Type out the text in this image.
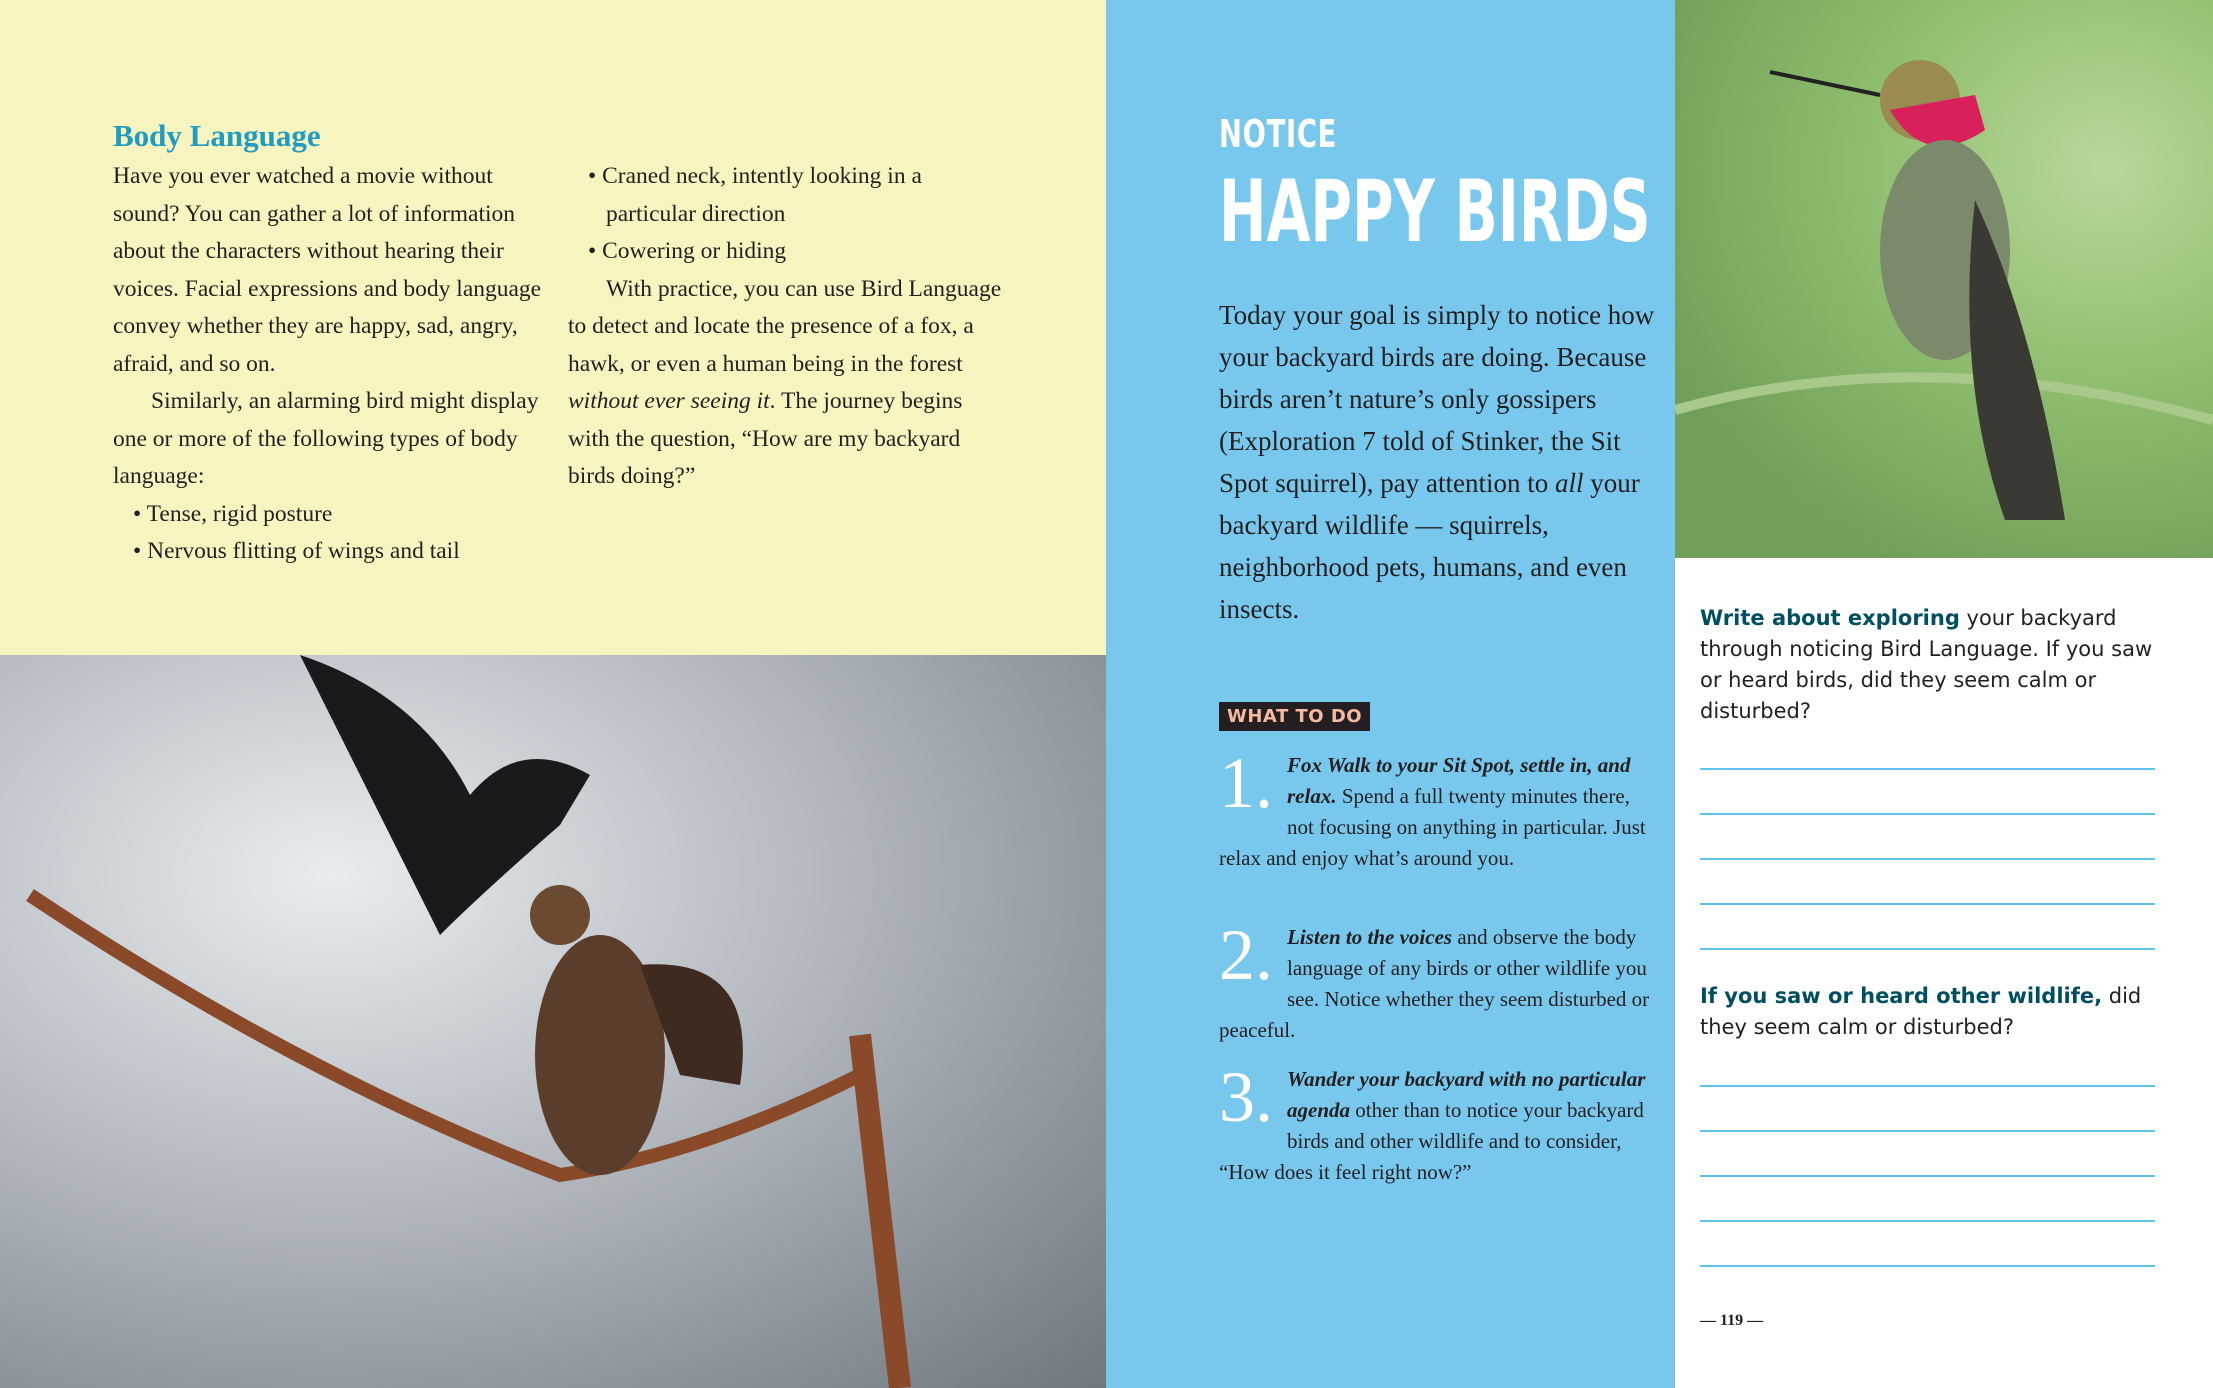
Body Language

Have you ever watched a movie without sound? You can gather a lot of information about the characters without hearing their voices. Facial expressions and body language convey whether they are happy, sad, angry, afraid, and so on.

Similarly, an alarming bird might display one or more of the following types of body language:

• Tense, rigid posture

• Nervous flitting of wings and tail

• Craned neck, intently looking in a particular direction

• Cowering or hiding

With practice, you can use Bird Language to detect and locate the presence of a fox, a hawk, or even a human being in the forest without ever seeing it. The journey begins with the question, “How are my backyard birds doing?”

NOTICE
HAPPY BIRDS
Today your goal is simply to notice how your backyard birds are doing. Because birds aren’t nature’s only gossipers (Exploration 7 told of Stinker, the Sit Spot squirrel), pay attention to all your backyard wildlife — squirrels, neighborhood pets, humans, and even insects.
WHAT TO DO
1. Fox Walk to your Sit Spot, settle in, and relax. Spend a full twenty minutes there, not focusing on anything in particular. Just relax and enjoy what’s around you.
2. Listen to the voices and observe the body language of any birds or other wildlife you see. Notice whether they seem disturbed or peaceful.
3. Wander your backyard with no particular agenda other than to notice your backyard birds and other wildlife and to consider, “How does it feel right now?”
Write about exploring your backyard through noticing Bird Language. If you saw or heard birds, did they seem calm or disturbed?
If you saw or heard other wildlife, did they seem calm or disturbed?
— 119 —
